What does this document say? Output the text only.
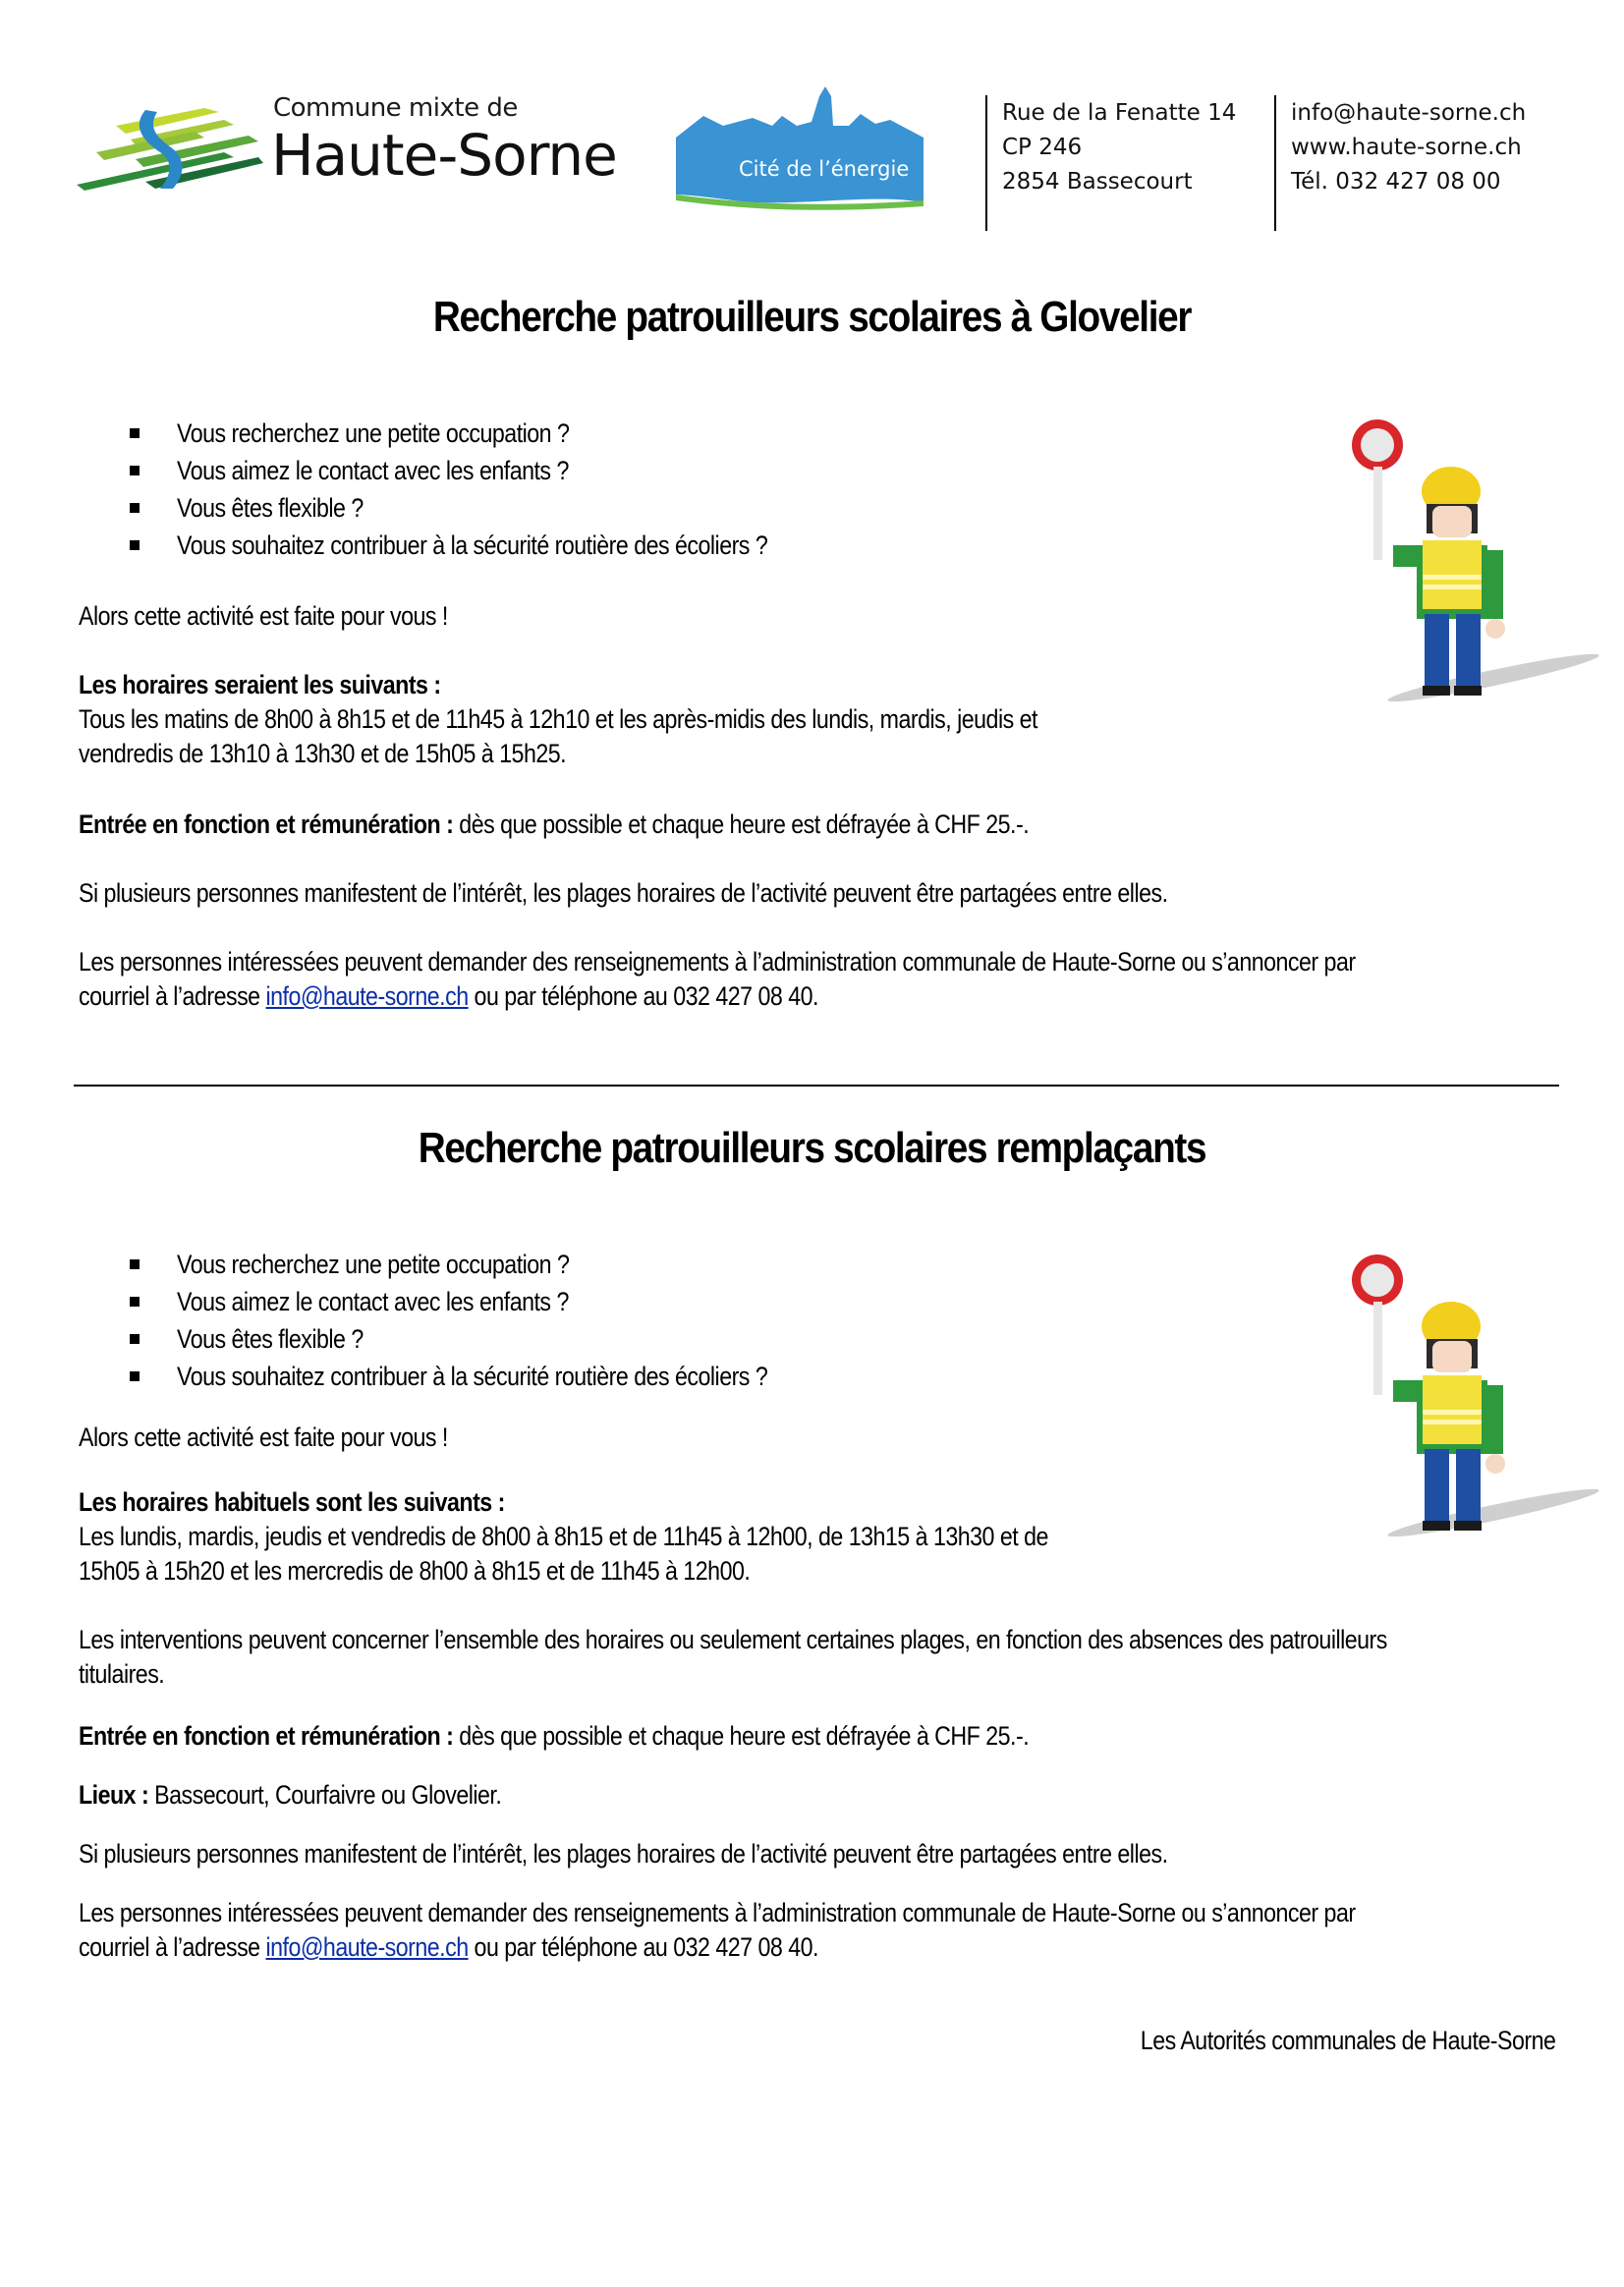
Commune mixte de
Haute-Sorne	Cité de l’énergie
Rue de la Fenatte 14
CP 246
2854 Bassecourt
info@haute-sorne.ch
www.haute-sorne.ch
Tél. 032 427 08 00
Recherche patrouilleurs scolaires à Glovelier
Vous recherchez une petite occupation ?
Vous aimez le contact avec les enfants ?
Vous êtes flexible ?
Vous souhaitez contribuer à la sécurité routière des écoliers ?
Alors cette activité est faite pour vous !
Les horaires seraient les suivants :
Tous les matins de 8h00 à 8h15 et de 11h45 à 12h10 et les après-midis des lundis, mardis, jeudis et
vendredis de 13h10 à 13h30 et de 15h05 à 15h25.
Entrée en fonction et rémunération : dès que possible et chaque heure est défrayée à CHF 25.-.
Si plusieurs personnes manifestent de l’intérêt, les plages horaires de l’activité peuvent être partagées entre elles.
Les personnes intéressées peuvent demander des renseignements à l’administration communale de Haute-Sorne ou s’annoncer par
courriel à l’adresse info@haute-sorne.ch ou par téléphone au 032 427 08 40.
Recherche patrouilleurs scolaires remplaçants
Vous recherchez une petite occupation ?
Vous aimez le contact avec les enfants ?
Vous êtes flexible ?
Vous souhaitez contribuer à la sécurité routière des écoliers ?
Alors cette activité est faite pour vous !
Les horaires habituels sont les suivants :
Les lundis, mardis, jeudis et vendredis de 8h00 à 8h15 et de 11h45 à 12h00, de 13h15 à 13h30 et de
15h05 à 15h20 et les mercredis de 8h00 à 8h15 et de 11h45 à 12h00.
Les interventions peuvent concerner l’ensemble des horaires ou seulement certaines plages, en fonction des absences des patrouilleurs
titulaires.
Entrée en fonction et rémunération : dès que possible et chaque heure est défrayée à CHF 25.-.
Lieux : Bassecourt, Courfaivre ou Glovelier.
Si plusieurs personnes manifestent de l’intérêt, les plages horaires de l’activité peuvent être partagées entre elles.
Les personnes intéressées peuvent demander des renseignements à l’administration communale de Haute-Sorne ou s’annoncer par
courriel à l’adresse info@haute-sorne.ch ou par téléphone au 032 427 08 40.
Les Autorités communales de Haute-Sorne
